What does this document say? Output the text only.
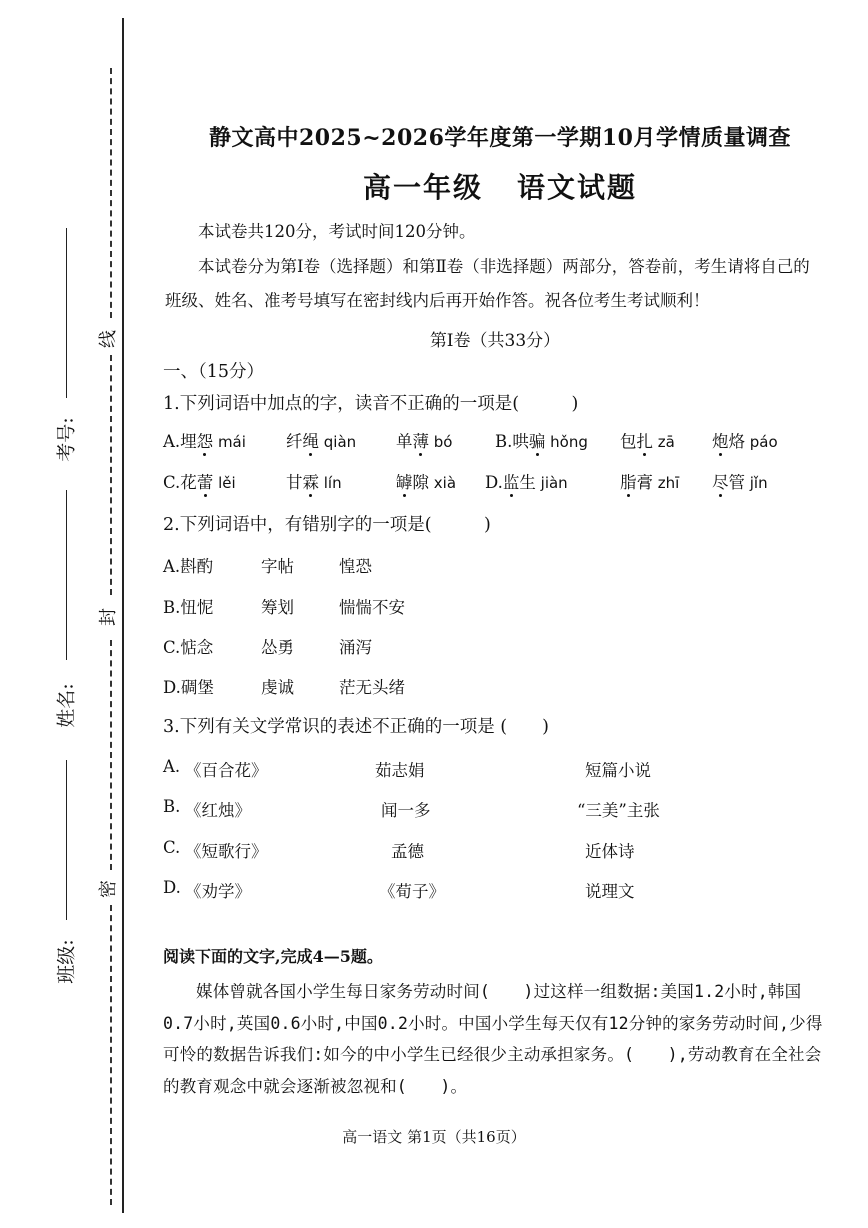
线
封
密
考号:
姓名:
班级:
静文高中2025~2026学年度第一学期10月学情质量调查
高一年级 语文试题
本试卷共120分，考试时间120分钟。
本试卷分为第Ⅰ卷（选择题）和第Ⅱ卷（非选择题）两部分，答卷前，考生请将自己的班级、姓名、准考号填写在密封线内后再开始作答。祝各位考生考试顺利！
第Ⅰ卷（共33分）
一、（15分）
1.下列词语中加点的字，读音不正确的一项是(　　　)
A.埋怨 mái 纤绳 qiàn 单薄 bó	B.哄骗 hǒng 包扎 zā 炮烙 páo
C.花蕾 lěi	甘霖 lín	罅隙 xià D.监生 jiàn	脂膏 zhī 尽管 jǐn
2.下列词语中，有错别字的一项是(　　　)
A.斟酌	字帖	惶恐
B.忸怩	筹划	惴惴不安
C.惦念	怂勇	涌泻
D.碉堡	虔诚	茫无头绪
3.下列有关文学常识的表述不正确的一项是 (　　)
A. 《百合花》	茹志娟	短篇小说
B. 《红烛》	闻一多	“三美”主张
C. 《短歌行》	孟德	近体诗
D. 《劝学》	《荀子》	说理文
阅读下面的文字,完成4—5题。
媒体曾就各国小学生每日家务劳动时间(　　)过这样一组数据:美国1.2小时,韩国0.7小时,英国0.6小时,中国0.2小时。中国小学生每天仅有12分钟的家务劳动时间,少得可怜的数据告诉我们:如今的中小学生已经很少主动承担家务。(　　),劳动教育在全社会的教育观念中就会逐渐被忽视和(　　)。
高一语文 第1页（共16页）
